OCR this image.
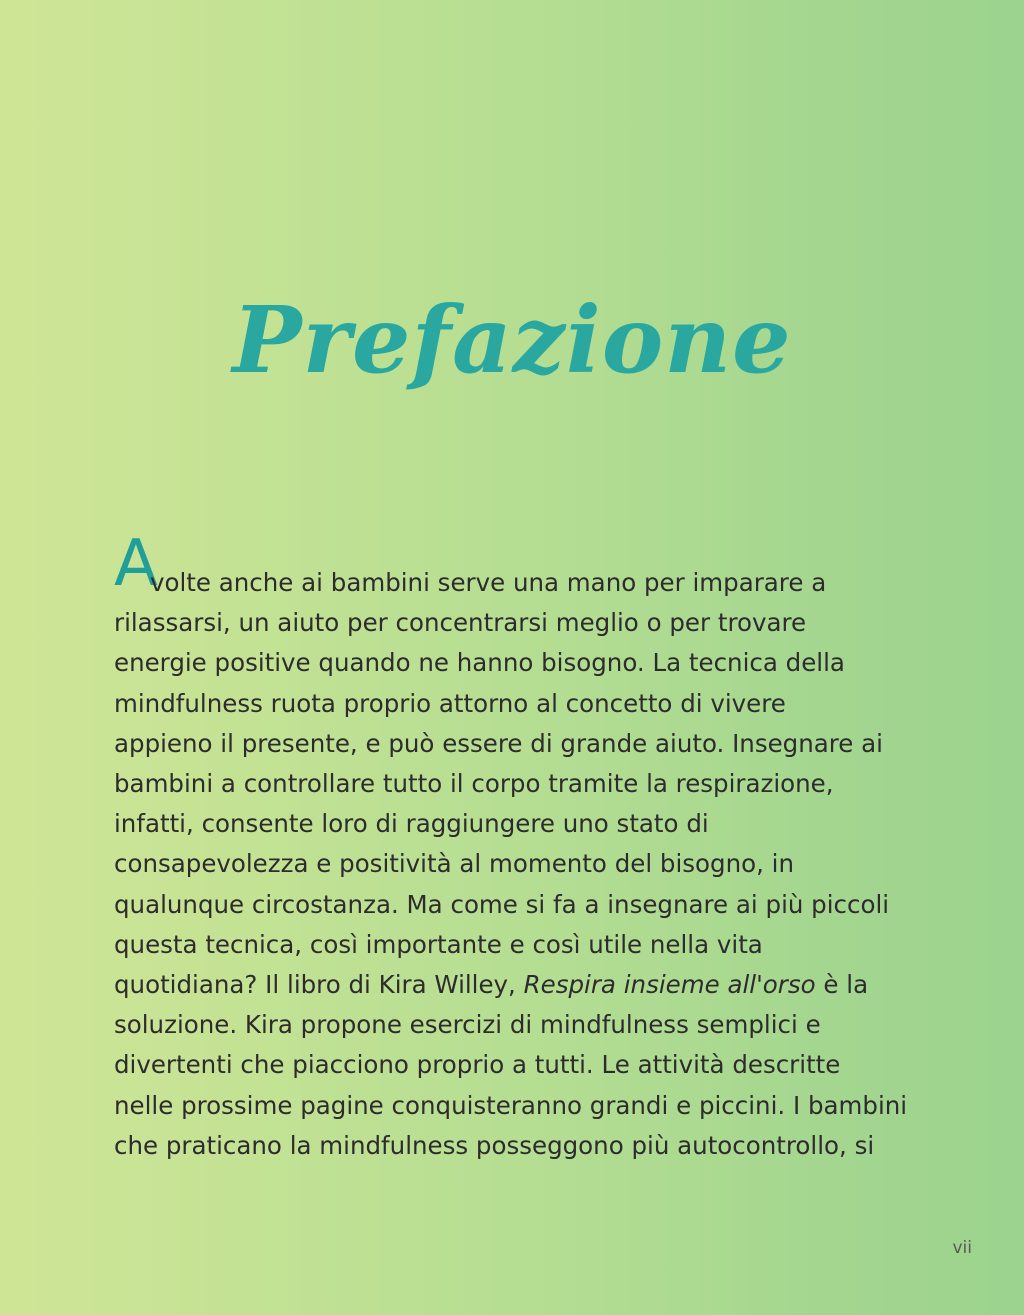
Prefazione
A

volte anche ai bambini serve una mano per imparare a
rilassarsi, un aiuto per concentrarsi meglio o per trovare
energie positive quando ne hanno bisogno. La tecnica della
mindfulness ruota proprio attorno al concetto di vivere
appieno il presente, e può essere di grande aiuto. Insegnare ai
bambini a controllare tutto il corpo tramite la respirazione,
infatti, consente loro di raggiungere uno stato di
consapevolezza e positività al momento del bisogno, in
qualunque circostanza. Ma come si fa a insegnare ai più piccoli
questa tecnica, così importante e così utile nella vita
quotidiana? Il libro di Kira Willey, Respira insieme all'orso è la
soluzione. Kira propone esercizi di mindfulness semplici e
divertenti che piacciono proprio a tutti. Le attività descritte
nelle prossime pagine conquisteranno grandi e piccini. I bambini
che praticano la mindfulness posseggono più autocontrollo, si

vii
